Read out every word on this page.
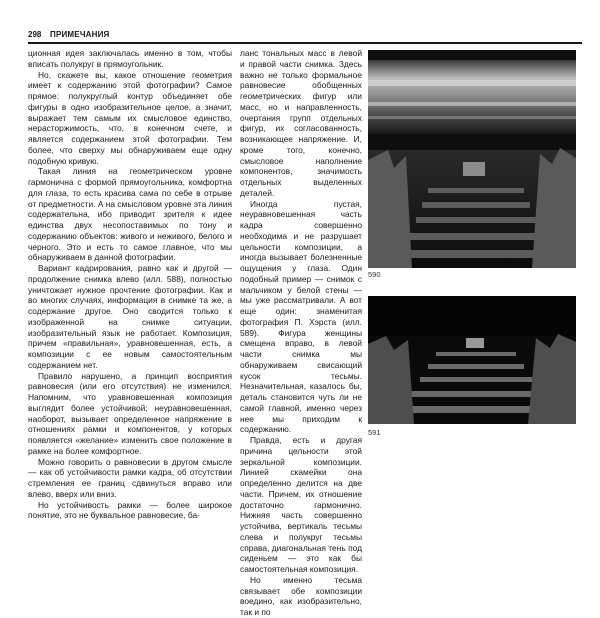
298 ПРИМЕЧАНИЯ

ционная идея заключалась именно в том, чтобы вписать полукруг в прямоугольник.

Но, скажете вы, какое отношение геометрия имеет к содержанию этой фотографии? Самое прямое: полукруглый контур объединяет обе фигуры в одно изобразительное целое, а значит, выражает тем самым их смысловое единство, нерасторжимость, что, в конечном счете, и является содержанием этой фотографии. Тем более, что сверху мы обнаруживаем еще одну подобную кривую.

Такая линия на геометрическом уровне гармонична с формой прямоугольника, комфортна для глаза, то есть красива сама по себе в отрыве от предметности. А на смысловом уровне эта линия содержательна, ибо приводит зрителя к идее единства двух несопоставимых по тону и содержанию объектов: живого и неживого, белого и черного. Это и есть то самое главное, что мы обнаруживаем в данной фотографии.

Вариант кадрирования, равно как и другой — продолжение снимка влево (илл. 588), полностью уничтожает нужное прочтение фотографии. Как и во многих случаях, информация в снимке та же, а содержание другое. Оно сводится только к изображенной на снимке ситуации, изобразительный язык не работает. Композиция, причем «правильная», уравновешенная, есть, а композиции с ее новым самостоятельным содержанием нет.

Правило нарушено, а принцип восприятия равновесия (или его отсутствия) не изменился. Напомним, что уравновешенная композиция выглядит более устойчивой; неуравновешенная, наоборот, вызывает определенное напряжение в отношениях рамки и компонентов, у которых появляется «желание» изменить свое положение в рамке на более комфортное.

Можно говорить о равновесии в другом смысле — как об устойчивости рамки кадра, об отсутствии стремления ее границ сдвинуться вправо или влево, вверх или вниз.

Но устойчивость рамки — более широкое понятие, это не буквальное равновесие, ба-

ланс тональных масс в левой и правой части снимка. Здесь важно не только формальное равновесие обобщенных геометрических фигур или масс, но и направленность, очертания групп отдельных фигур, их согласованность, возникающее напряжение. И, кроме того, конечно, смысловое наполнение компонентов, значимость отдельных выделенных деталей.

Иногда пустая, неуравновешенная часть кадра совершенно необходима и не разрушает цельности композиции, а иногда вызывает болезненные ощущения у глаза. Один подобный пример — снимок с мальчиком у белой стены — мы уже рассматривали. А вот еще один: знаменитая фотография П. Хэрста (илл. 589). Фигура женщины смещена вправо, в левой части снимка мы обнаруживаем свисающий кусок тесьмы. Незначительная, казалось бы, деталь становится чуть ли не самой главной, именно через нее мы приходим к содержанию.

Правда, есть и другая причина цельности этой зеркальной композиции. Линией скамейки она определенно делится на две части. Причем, их отношение достаточно гармонично. Нижняя часть совершенно устойчива, вертикаль тесьмы слева и полукруг тесьмы справа, диагональная тень под сиденьем — это как бы самостоятельная композиция.

Но именно тесьма связывает обе композиции воедино, как изобразительно, так и по

590
591
